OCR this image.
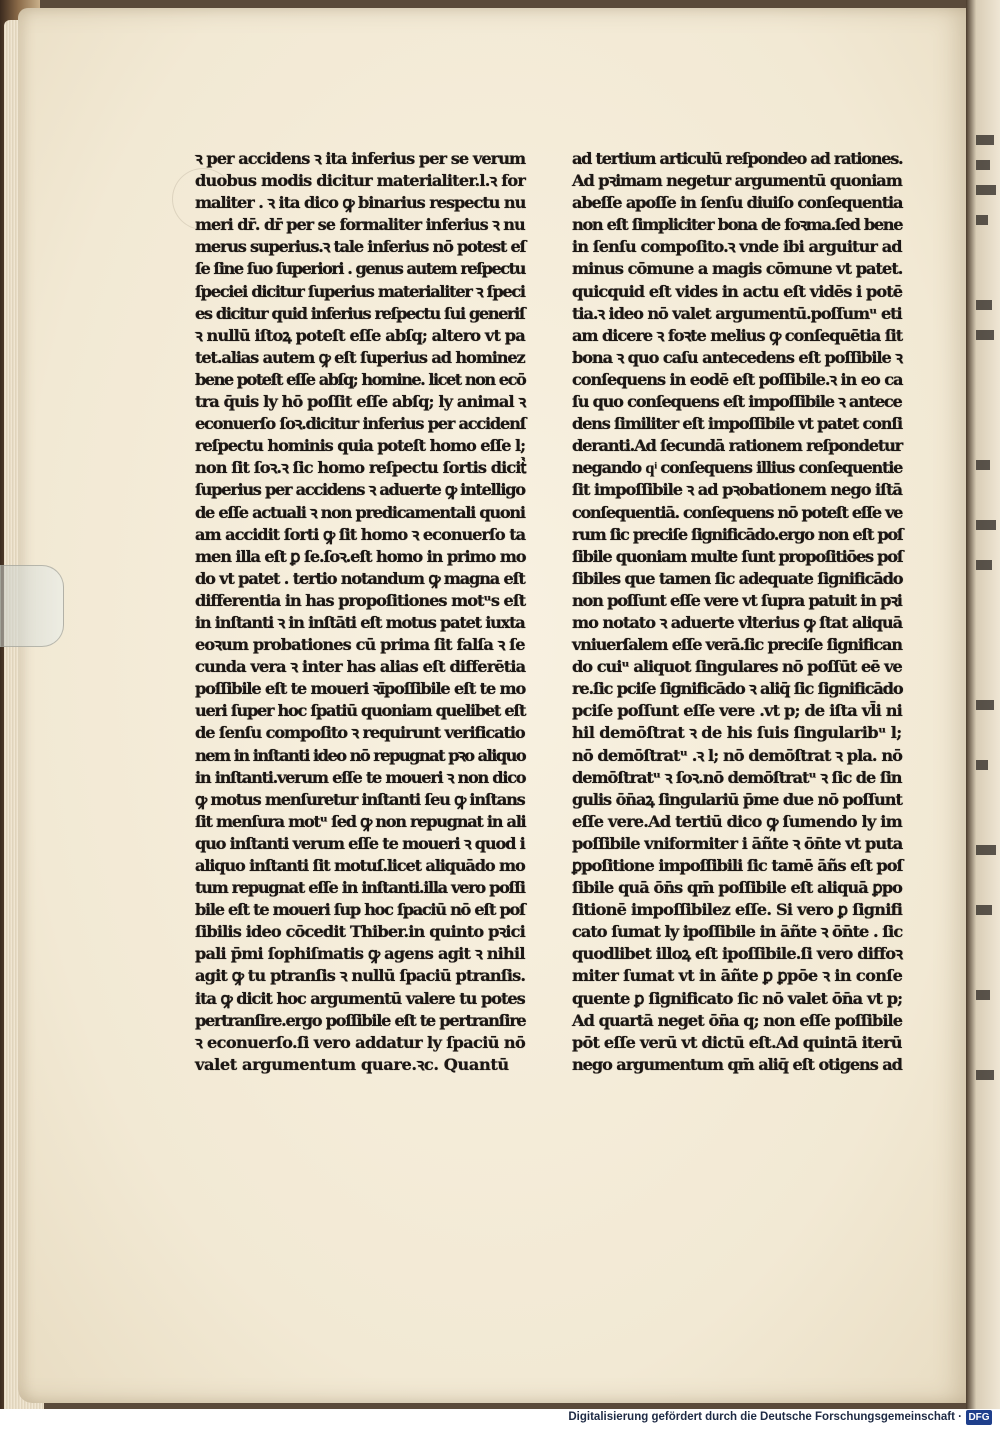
ꝛ per accidens ꝛ ita inferius per se verum
duobus modis dicitur materialiter.l.ꝛ for
maliter . ꝛ ita dico ꝙ binarius respectu nu
meri dr̄. dr̄ per se formaliter inferius ꝛ nu
merus superius.ꝛ tale inferius nō potest eſ
ſe ſine ſuo ſuperiori . genus autem reſpectu
ſpeciei dicitur ſuperius materialiter ꝛ ſpeci
es dicitur quid inferius reſpectu ſui generiſ
ꝛ nullū iſtoꝝ poteſt eſſe abſq; altero vt pa
tet.alias autem ꝙ eſt ſuperius ad hominez
bene poteſt eſſe abſq; homine. licet non ecō
tra q̄uis ly hō poſſit eſſe abſq; ly animal ꝛ
econuerſo ſoꝛ.dicitur inferius per accidenſ
reſpectu hominis quia poteſt homo eſſe l;
non ſit ſoꝛ.ꝛ ſic homo reſpectu ſortis dicitᷣ
ſuperius per accidens ꝛ aduerte ꝙ intelligo
de eſſe actuali ꝛ non predicamentali quoni
am accidit ſorti ꝙ ſit homo ꝛ econuerſo ta
men illa eſt ꝑ ſe.ſoꝛ.eſt homo in primo mo
do vt patet . tertio notandum ꝙ magna eſt
differentia in has propoſitiones motᵘs eſt
in inſtanti ꝛ in inſtāti eſt motus patet iuxta
eoꝛum probationes cū prima ſit falſa ꝛ ſe
cunda vera ꝛ inter has alias eſt differētia
poſſibile eſt te moueri ꝛīpoſſibile eſt te mo
ueri ſuper hoc ſpatiū quoniam quelibet eſt
de ſenſu compoſito ꝛ requirunt verificatio
nem in inſtanti ideo nō repugnat pꝛo aliquo
in inſtanti.verum eſſe te moueri ꝛ non dico
ꝙ motus menſuretur inſtanti ſeu ꝙ inſtans
ſit menſura motᵘ ſed ꝙ non repugnat in ali
quo inſtanti verum eſſe te moueri ꝛ quod i
aliquo inſtanti ſit motuſ.licet aliquādo mo
tum repugnat eſſe in inſtanti.illa vero poſſi
bile eſt te moueri ſup hoc ſpaciū nō eſt poſ
ſibilis ideo cōcedit Thiber.in quinto pꝛici
pali p̄mi ſophiſmatis ꝙ agens agit ꝛ nihil
agit ꝙ tu ptranſis ꝛ nullū ſpaciū ptranſis.
ita ꝙ dicit hoc argumentū valere tu potes
pertranſire.ergo poſſibile eſt te pertranſire
ꝛ econuerſo.ſi vero addatur ly ſpaciū nō
valet argumentum quare.ꝛc. Quantū
ad tertium articulū reſpondeo ad rationes.
Ad pꝛimam negetur argumentū quoniam
abeſſe apoſſe in ſenſu diuiſo conſequentia
non eſt ſimpliciter bona de foꝛma.ſed bene
in ſenſu compoſito.ꝛ vnde ibi arguitur ad
minus cōmune a magis cōmune vt patet.
quicquid eſt vides in actu eſt vidēs i potē
tia.ꝛ ideo nō valet argumentū.poſſumᵘ eti
am dicere ꝛ foꝛte melius ꝙ conſequētia ſit
bona ꝛ quo caſu antecedens eſt poſſibile ꝛ
conſequens in eodē eſt poſſibile.ꝛ in eo ca
ſu quo conſequens eſt impoſſibile ꝛ antece
dens ſimiliter eſt impoſſibile vt patet conſi
deranti.Ad ſecundā rationem reſpondetur
negando qͥ conſequens illius conſequentie
ſit impoſſibile ꝛ ad pꝛobationem nego iſtā
conſequentiā. conſequens nō poteſt eſſe ve
rum ſic preciſe ſignificādo.ergo non eſt poſ
ſibile quoniam multe ſunt propoſitiōes poſ
ſibiles que tamen ſic adequate ſignificādo
non poſſunt eſſe vere vt ſupra patuit in pꝛi
mo notato ꝛ aduerte vlterius ꝙ ſtat aliquā
vniuerſalem eſſe verā.ſic preciſe ſignifican
do cuiᵘ aliquot ſingulares nō poſſūt eē ve
re.ſic pciſe ſignificādo ꝛ aliq̄ ſic ſignificādo
pciſe poſſunt eſſe vere .vt p; de iſta vl̄i ni
hil demōſtrat ꝛ de his ſuis ſingularibᵘ l;
nō demōſtratᵘ .ꝛ l; nō demōſtrat ꝛ pla. nō
demōſtratᵘ ꝛ ſoꝛ.nō demōſtratᵘ ꝛ ſic de ſin
gulis ōn̄aꝝ ſingulariū p̄me due nō poſſunt
eſſe vere.Ad tertiū dico ꝙ ſumendo ly im
poſſibile vniformiter i āñte ꝛ ōn̄te vt puta
ꝑpoſitione impoſſibili ſic tamē āñs eſt poſ
ſibile quā ōn̄s qm̄ poſſibile eſt aliquā ꝑpo
ſitionē impoſſibilez eſſe. Si vero ꝑ ſignifi
cato ſumat ly ipoſſibile in āñte ꝛ ōn̄te . ſic
quodlibet illoꝝ eſt ipoſſibile.ſi vero diffoꝛ
miter ſumat vt in āñte ꝑ ꝑpōe ꝛ in conſe
quente ꝑ ſignificato ſic nō valet ōn̄a vt p;
Ad quartā neget ōn̄a q; non eſſe poſſibile
pōt eſſe verū vt dictū eſt.Ad quintā iterū
nego argumentum qm̄ aliq̄ eſt otigens ad
Digitalisierung gefördert durch die Deutsche Forschungsgemeinschaft · DFG
